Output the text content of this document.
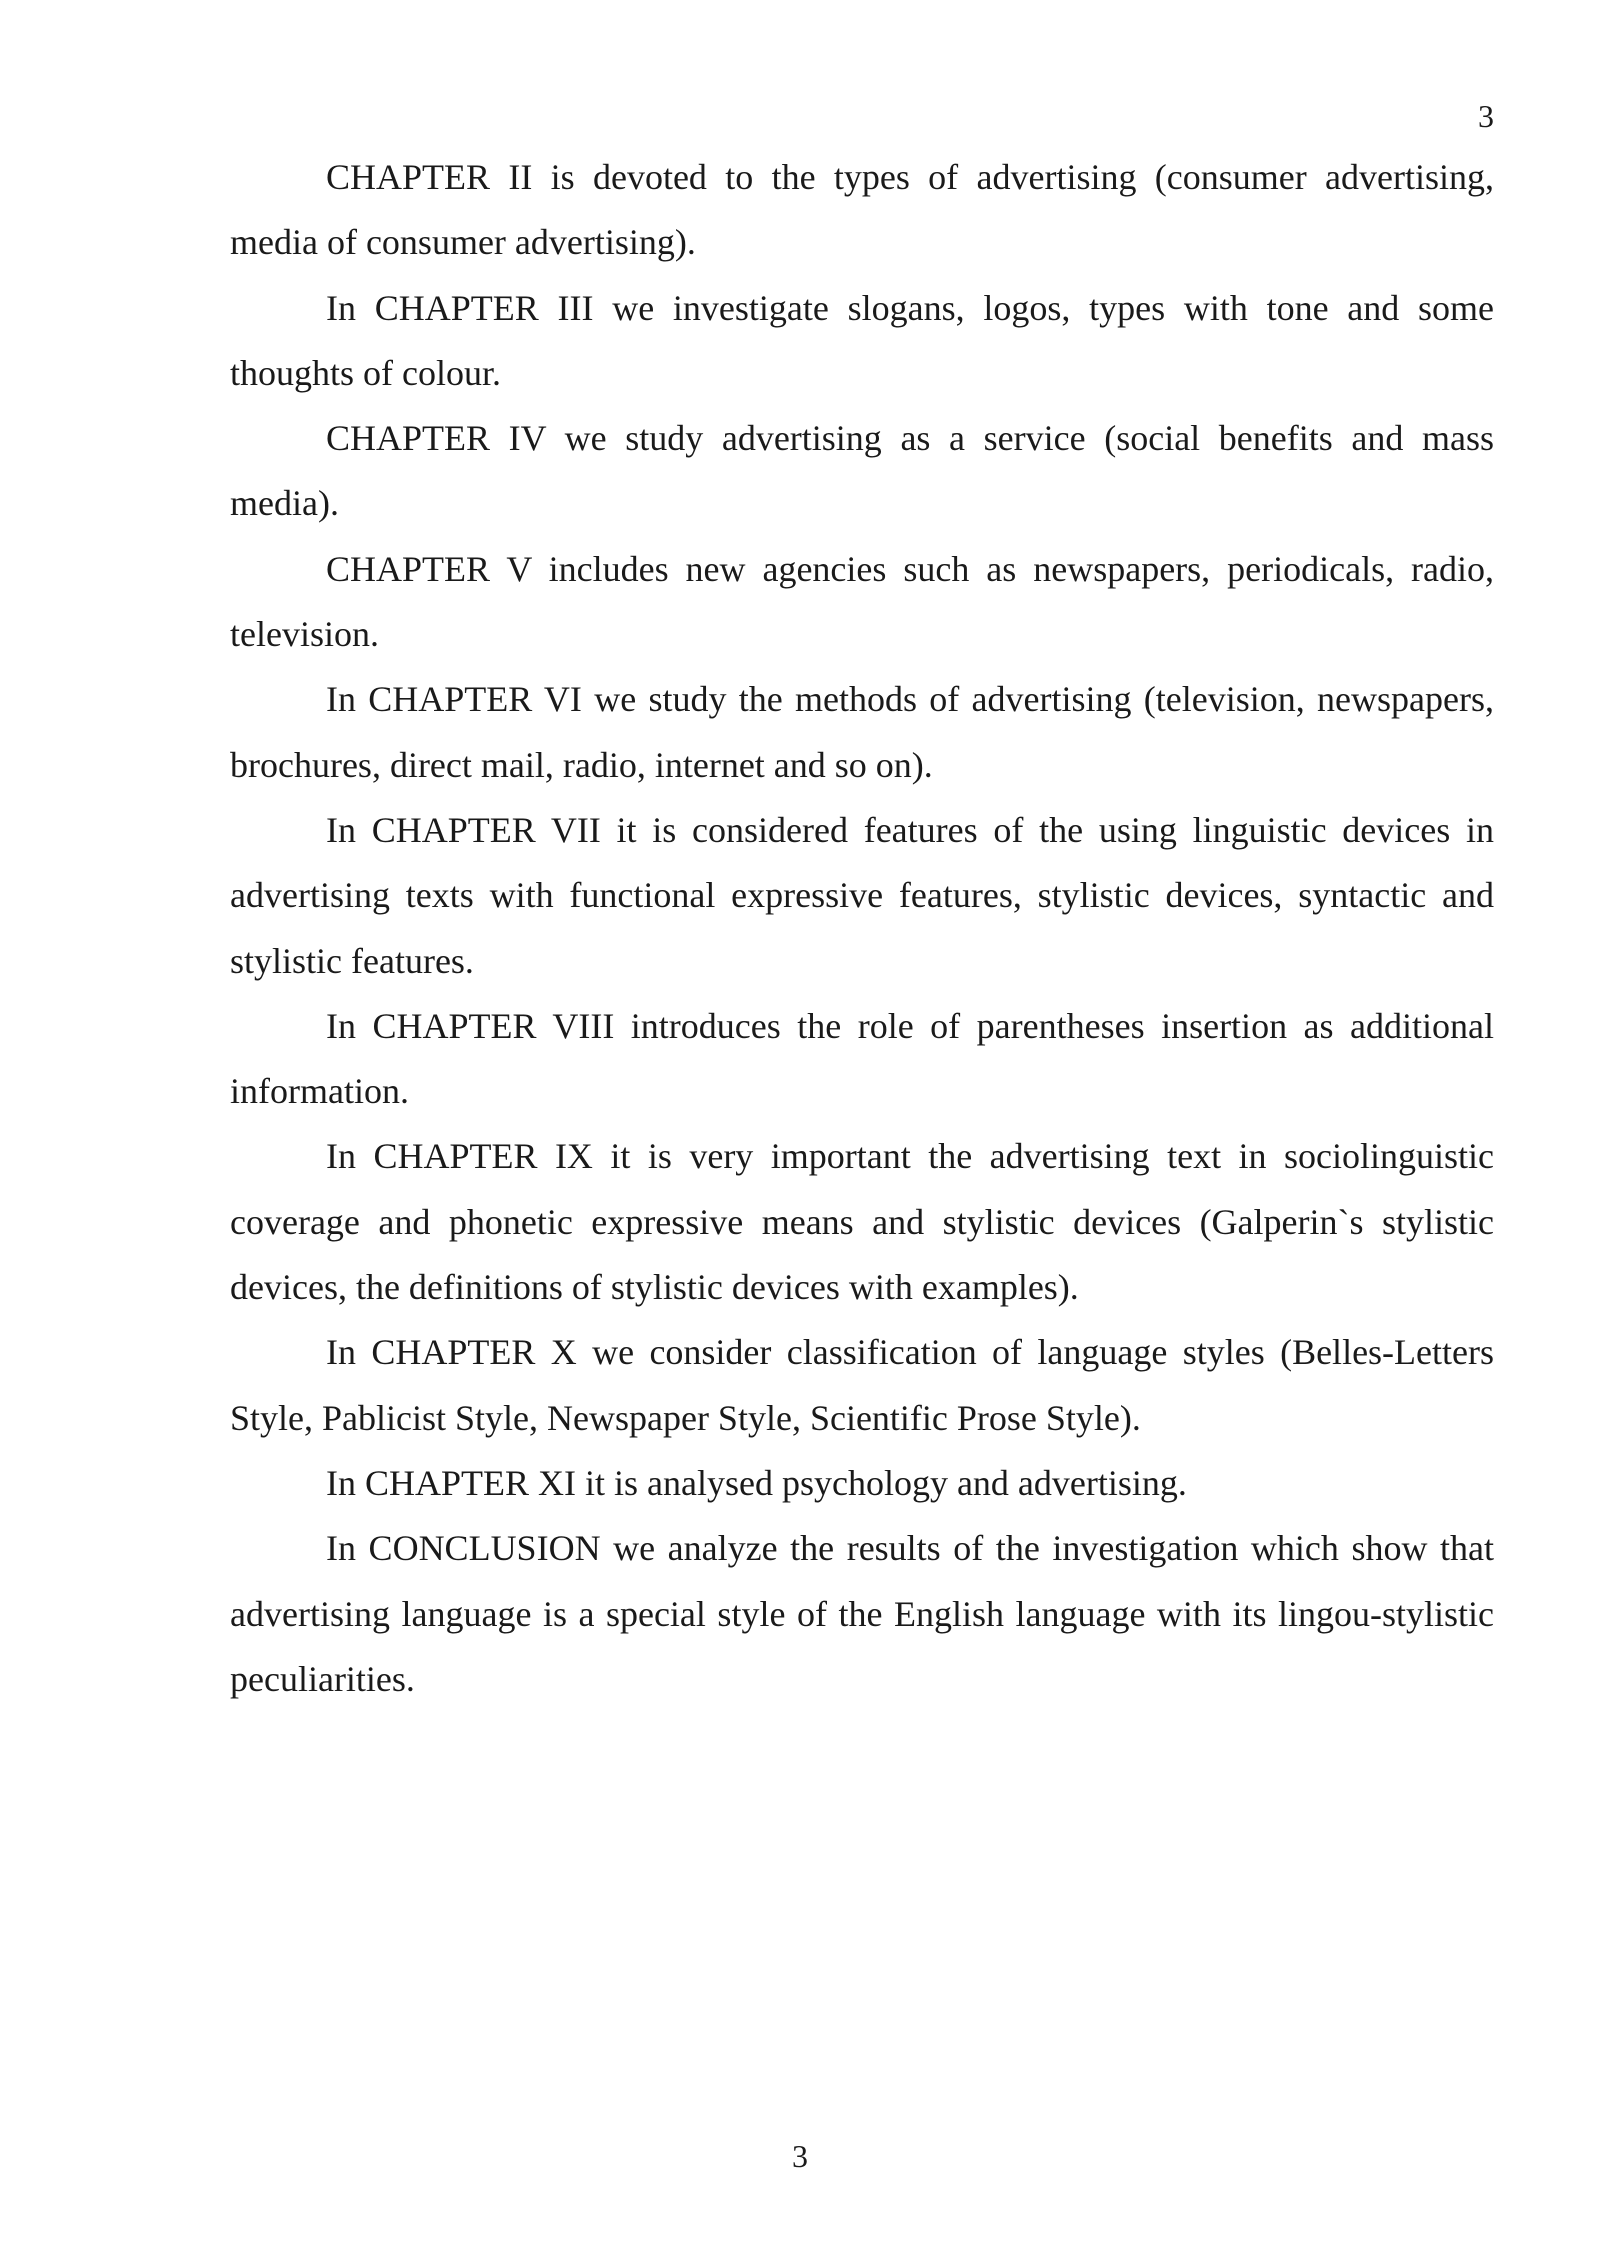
3

CHAPTER II is devoted to the types of advertising (consumer advertising, media of consumer advertising).

In CHAPTER III we investigate slogans, logos, types with tone and some thoughts of colour.

CHAPTER IV we study advertising as a service (social benefits and mass media).

CHAPTER V includes new agencies such as newspapers, periodicals, radio, television.

In CHAPTER VI we study the methods of advertising (television, newspapers, brochures, direct mail, radio, internet and so on).

In CHAPTER VII it is considered features of the using linguistic devices in advertising texts with functional expressive features, stylistic devices, syntactic and stylistic features.

In CHAPTER VIII introduces the role of parentheses insertion as additional information.

In CHAPTER IX it is very important the advertising text in sociolinguistic coverage and phonetic expressive means and stylistic devices (Galperin`s stylistic devices, the definitions of stylistic devices with examples).

In CHAPTER X we consider classification of language styles (Belles-Letters Style, Pablicist Style, Newspaper Style, Scientific Prose Style).

In CHAPTER XI it is analysed psychology and advertising.

In CONCLUSION we analyze the results of the investigation which show that advertising language is a special style of the English language with its lingou-stylistic peculiarities.

3
